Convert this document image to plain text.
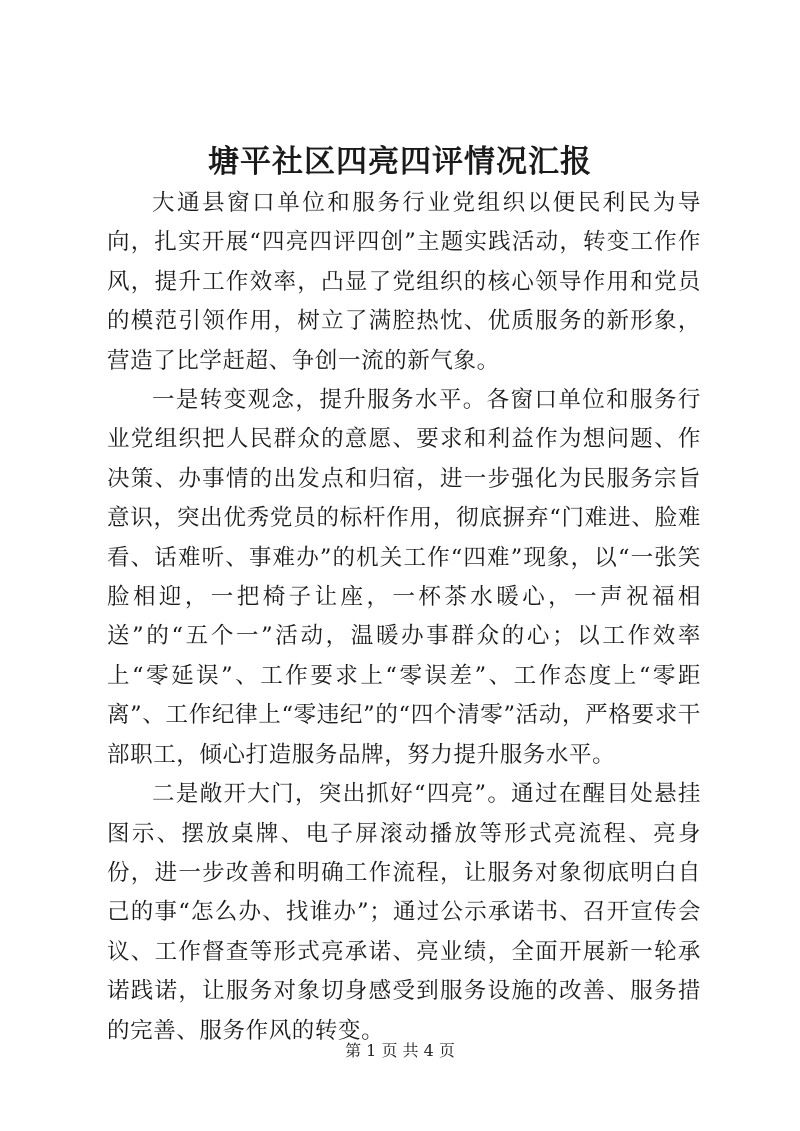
塘平社区四亮四评情况汇报

大通县窗口单位和服务行业党组织以便民利民为导向，扎实开展“四亮四评四创”主题实践活动，转变工作作风，提升工作效率，凸显了党组织的核心领导作用和党员的模范引领作用，树立了满腔热忱、优质服务的新形象，营造了比学赶超、争创一流的新气象。

一是转变观念，提升服务水平。各窗口单位和服务行业党组织把人民群众的意愿、要求和利益作为想问题、作决策、办事情的出发点和归宿，进一步强化为民服务宗旨意识，突出优秀党员的标杆作用，彻底摒弃“门难进、脸难看、话难听、事难办”的机关工作“四难”现象，以“一张笑脸相迎，一把椅子让座，一杯茶水暖心，一声祝福相送”的“五个一”活动，温暖办事群众的心；以工作效率上“零延误”、工作要求上“零误差”、工作态度上“零距离”、工作纪律上“零违纪”的“四个清零”活动，严格要求干部职工，倾心打造服务品牌，努力提升服务水平。

二是敞开大门，突出抓好“四亮”。通过在醒目处悬挂图示、摆放桌牌、电子屏滚动播放等形式亮流程、亮身份，进一步改善和明确工作流程，让服务对象彻底明白自己的事“怎么办、找谁办”；通过公示承诺书、召开宣传会议、工作督查等形式亮承诺、亮业绩，全面开展新一轮承诺践诺，让服务对象切身感受到服务设施的改善、服务措的完善、服务作风的转变。

第 1 页 共 4 页
